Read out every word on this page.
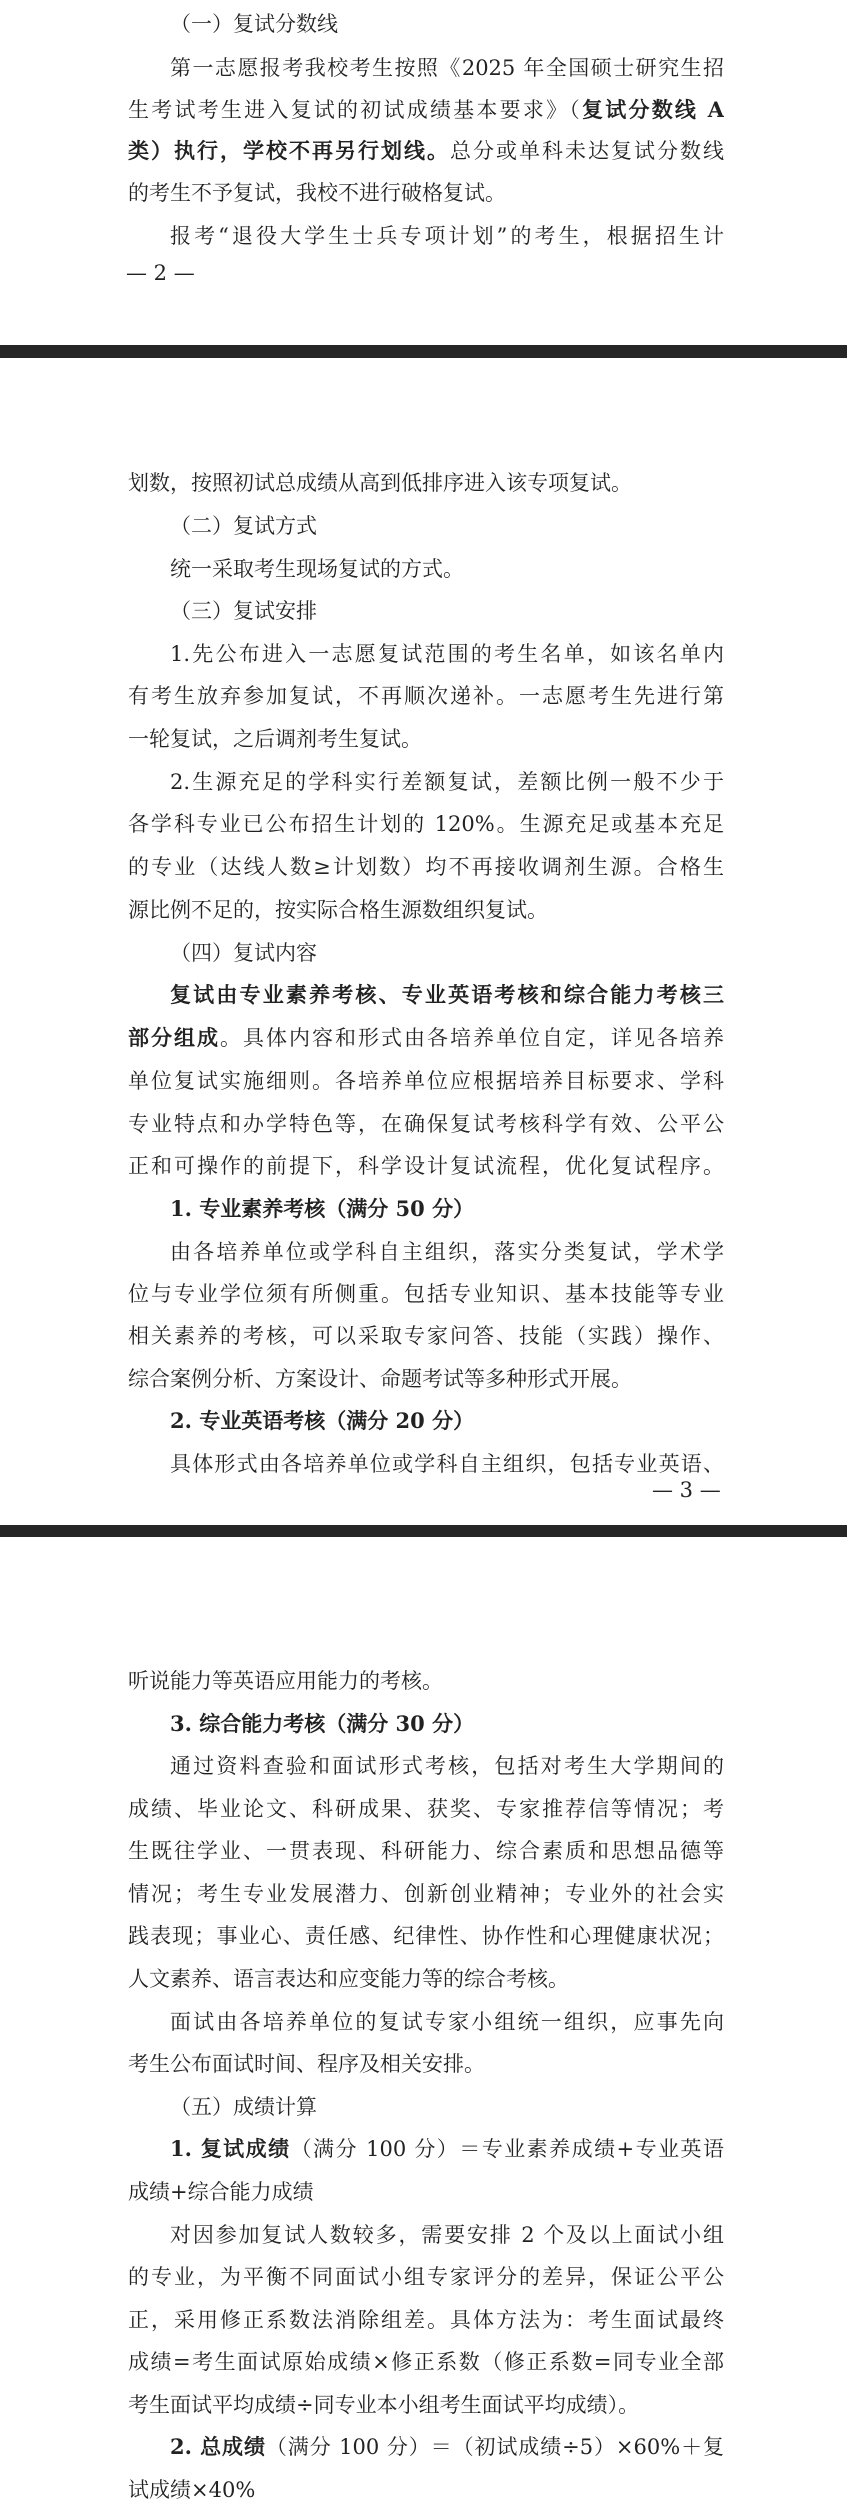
（一）复试分数线
第一志愿报考我校考生按照《2025 年全国硕士研究生招
生考试考生进入复试的初试成绩基本要求》（复试分数线 A
类）执行，学校不再另行划线。总分或单科未达复试分数线
的考生不予复试，我校不进行破格复试。
报考“退役大学生士兵专项计划”的考生，根据招生计
— 2 —
划数，按照初试总成绩从高到低排序进入该专项复试。
（二）复试方式
统一采取考生现场复试的方式。
（三）复试安排
1.先公布进入一志愿复试范围的考生名单，如该名单内
有考生放弃参加复试，不再顺次递补。一志愿考生先进行第
一轮复试，之后调剂考生复试。
2.生源充足的学科实行差额复试，差额比例一般不少于
各学科专业已公布招生计划的 120%。生源充足或基本充足
的专业（达线人数≥计划数）均不再接收调剂生源。合格生
源比例不足的，按实际合格生源数组织复试。
（四）复试内容
复试由专业素养考核、专业英语考核和综合能力考核三
部分组成。具体内容和形式由各培养单位自定，详见各培养
单位复试实施细则。各培养单位应根据培养目标要求、学科
专业特点和办学特色等，在确保复试考核科学有效、公平公
正和可操作的前提下，科学设计复试流程，优化复试程序。
1. 专业素养考核（满分 50 分）
由各培养单位或学科自主组织，落实分类复试，学术学
位与专业学位须有所侧重。包括专业知识、基本技能等专业
相关素养的考核，可以采取专家问答、技能（实践）操作、
综合案例分析、方案设计、命题考试等多种形式开展。
2. 专业英语考核（满分 20 分）
具体形式由各培养单位或学科自主组织，包括专业英语、
— 3 —
听说能力等英语应用能力的考核。
3. 综合能力考核（满分 30 分）
通过资料查验和面试形式考核，包括对考生大学期间的
成绩、毕业论文、科研成果、获奖、专家推荐信等情况；考
生既往学业、一贯表现、科研能力、综合素质和思想品德等
情况；考生专业发展潜力、创新创业精神；专业外的社会实
践表现；事业心、责任感、纪律性、协作性和心理健康状况；
人文素养、语言表达和应变能力等的综合考核。
面试由各培养单位的复试专家小组统一组织，应事先向
考生公布面试时间、程序及相关安排。
（五）成绩计算
1. 复试成绩（满分 100 分）＝专业素养成绩+专业英语
成绩+综合能力成绩
对因参加复试人数较多，需要安排 2 个及以上面试小组
的专业，为平衡不同面试小组专家评分的差异，保证公平公
正，采用修正系数法消除组差。具体方法为：考生面试最终
成绩=考生面试原始成绩×修正系数（修正系数=同专业全部
考生面试平均成绩÷同专业本小组考生面试平均成绩）。
2. 总成绩（满分 100 分）＝（初试成绩÷5）×60%＋复
试成绩×40%
